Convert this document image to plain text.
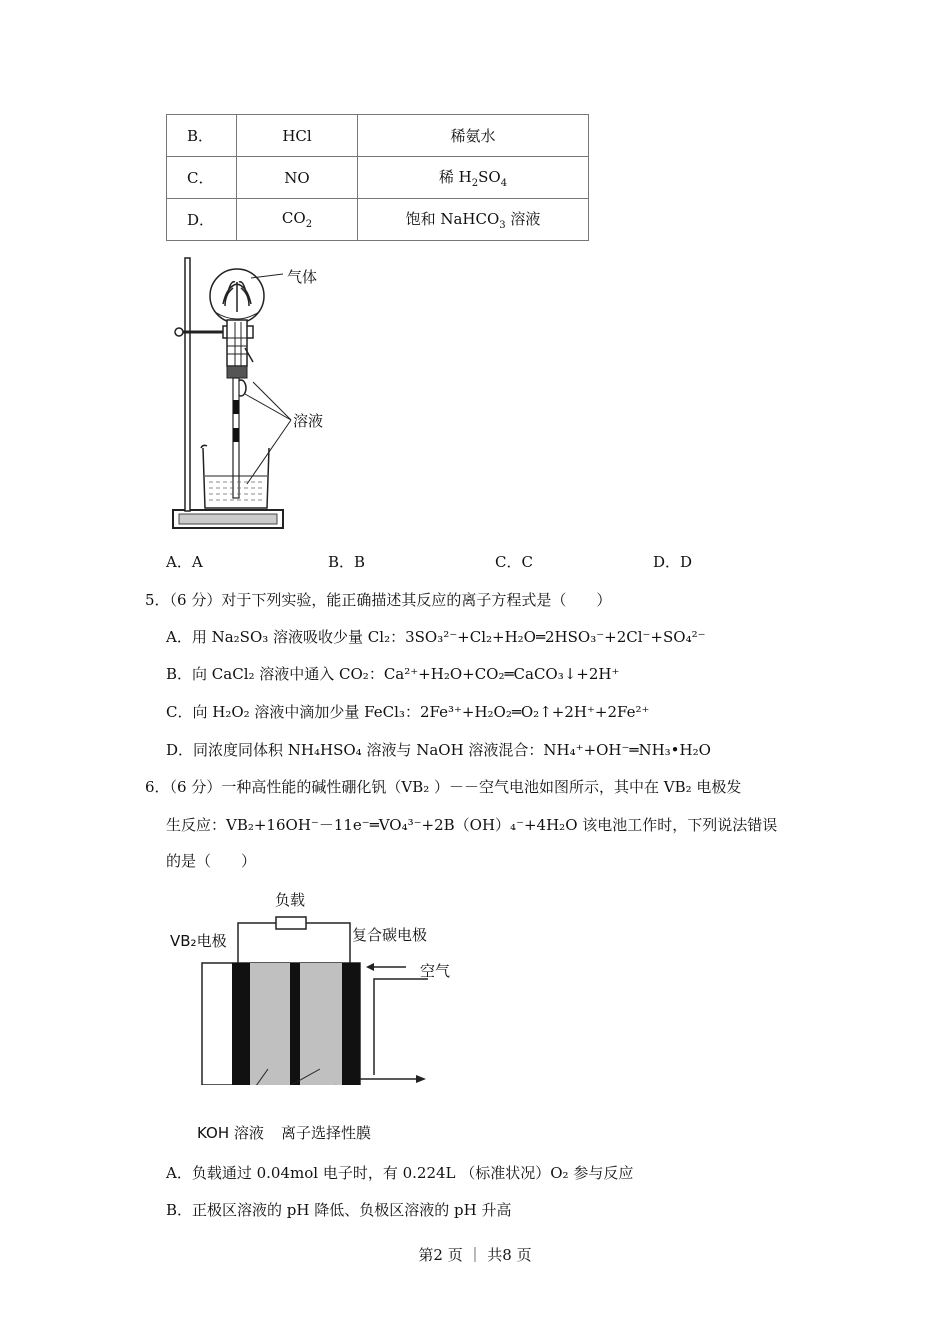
B．	HCl	稀氨水
C．	NO	稀 $H_2SO_4$
D．	$CO_2$	饱和 NaHCO$_3$ 溶液
气体
溶液
A．A	B．B	C．C	D．D
5．（6 分）对于下列实验，能正确描述其反应的离子方程式是（　　）
A．用 Na₂SO₃ 溶液吸收少量 Cl₂：3SO₃²⁻+Cl₂+H₂O═2HSO₃⁻+2Cl⁻+SO₄²⁻
B．向 CaCl₂ 溶液中通入 CO₂：Ca²⁺+H₂O+CO₂═CaCO₃↓+2H⁺
C．向 H₂O₂ 溶液中滴加少量 FeCl₃：2Fe³⁺+H₂O₂═O₂↑+2H⁺+2Fe²⁺
D．同浓度同体积 NH₄HSO₄ 溶液与 NaOH 溶液混合：NH₄⁺+OH⁻═NH₃•H₂O
6．（6 分）一种高性能的碱性硼化钒（VB₂ ）－－空气电池如图所示，其中在 VB₂ 电极发
生反应：VB₂+16OH⁻－11e⁻═VO₄³⁻+2B（OH）₄⁻+4H₂O 该电池工作时，下列说法错误
的是（　　）
负载
VB₂电极	复合碳电极
空气
KOH 溶液 离子选择性膜
A．负载通过 0.04mol 电子时，有 0.224L （标准状况）O₂ 参与反应
B．正极区溶液的 pH 降低、负极区溶液的 pH 升高
第2 页 ｜ 共8 页
